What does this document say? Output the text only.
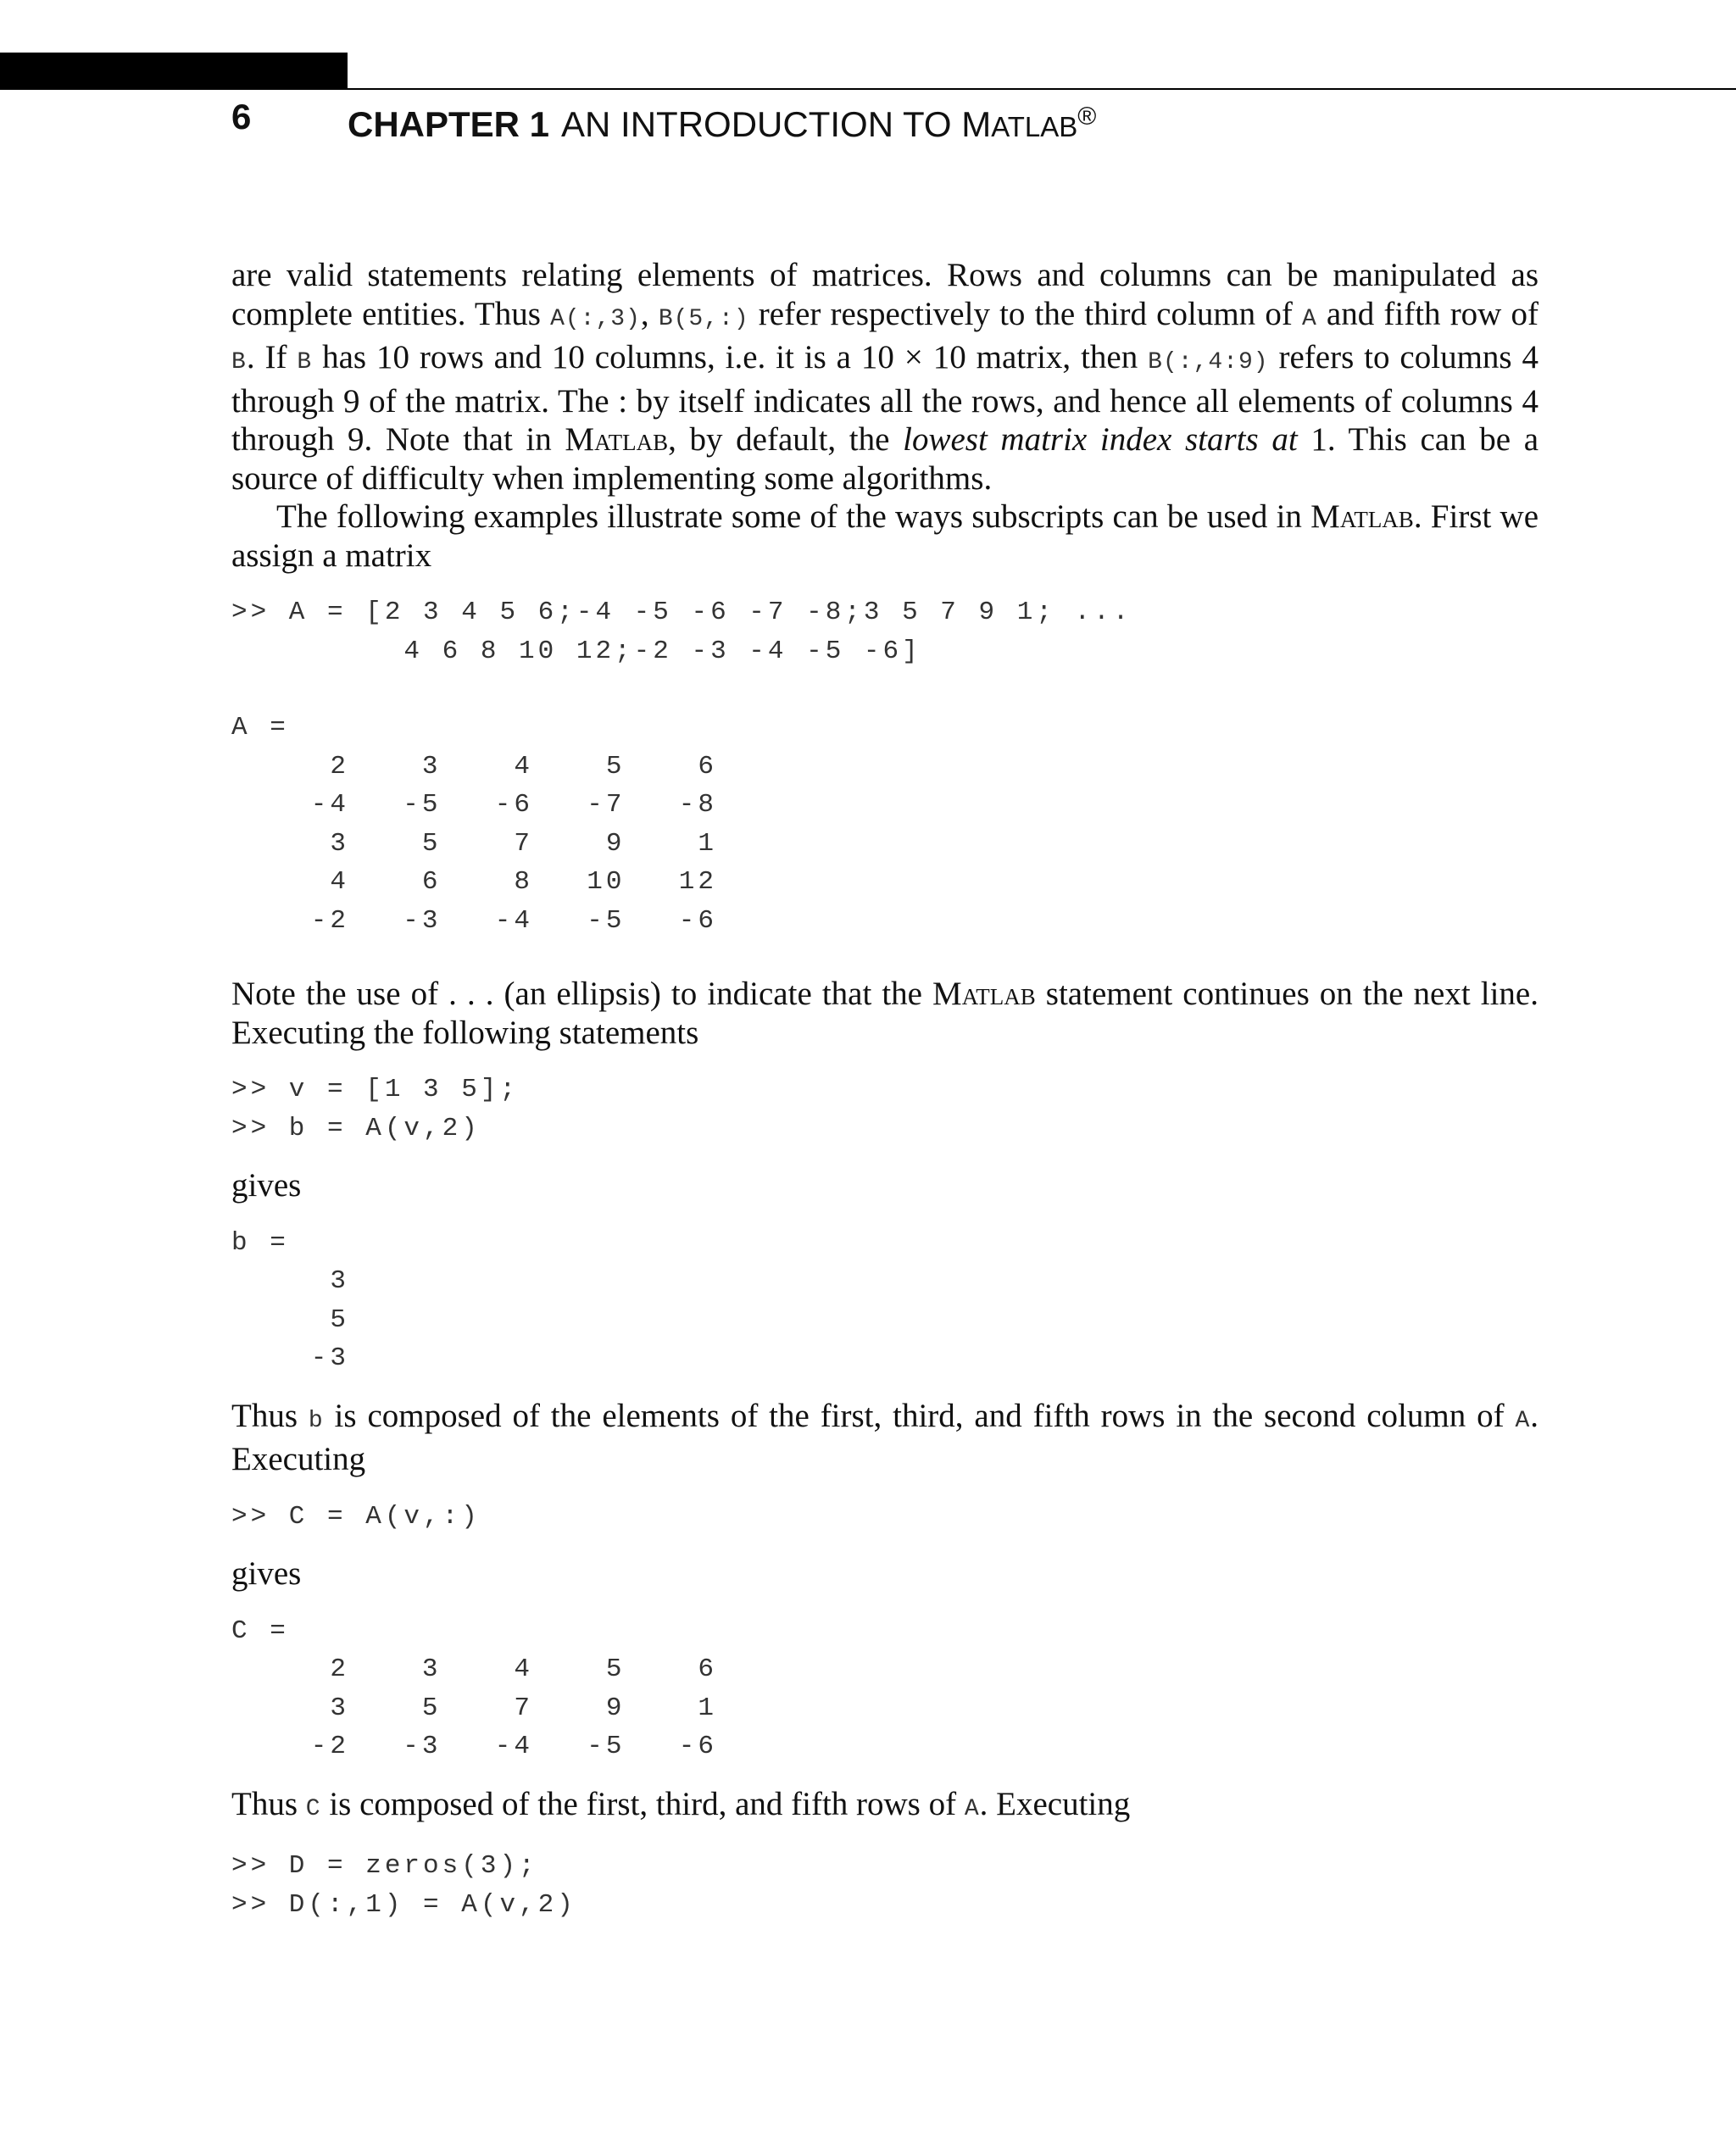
6	CHAPTER 1 AN INTRODUCTION TO MATLAB®

are valid statements relating elements of matrices. Rows and columns can be manipulated as complete entities. Thus A(:,3), B(5,:) refer respectively to the third column of A and fifth row of B. If B has 10 rows and 10 columns, i.e. it is a 10 × 10 matrix, then B(:,4:9) refers to columns 4 through 9 of the matrix. The : by itself indicates all the rows, and hence all elements of columns 4 through 9. Note that in Matlab, by default, the lowest matrix index starts at 1. This can be a source of difficulty when implementing some algorithms.

The following examples illustrate some of the ways subscripts can be used in Matlab. First we assign a matrix

>> A = [2 3 4 5 6;-4 -5 -6 -7 -8;3 5 7 9 1; ...
4 6 8 10 12;-2 -3 -4 -5 -6]
A =
2	3	4	5	6
-4	-5	-6	-7	-8
3	5	7	9	1
4	6	8	10	12
-2	-3	-4	-5	-6

Note the use of . . . (an ellipsis) to indicate that the Matlab statement continues on the next line. Executing the following statements

>> v = [1 3 5];
>> b = A(v,2)

gives

b =
3
5
-3

Thus b is composed of the elements of the first, third, and fifth rows in the second column of A. Executing

>> C = A(v,:)

gives

C =
2	3	4	5	6
3	5	7	9	1
-2	-3	-4	-5	-6

Thus C is composed of the first, third, and fifth rows of A. Executing

>> D = zeros(3);
>> D(:,1) = A(v,2)
